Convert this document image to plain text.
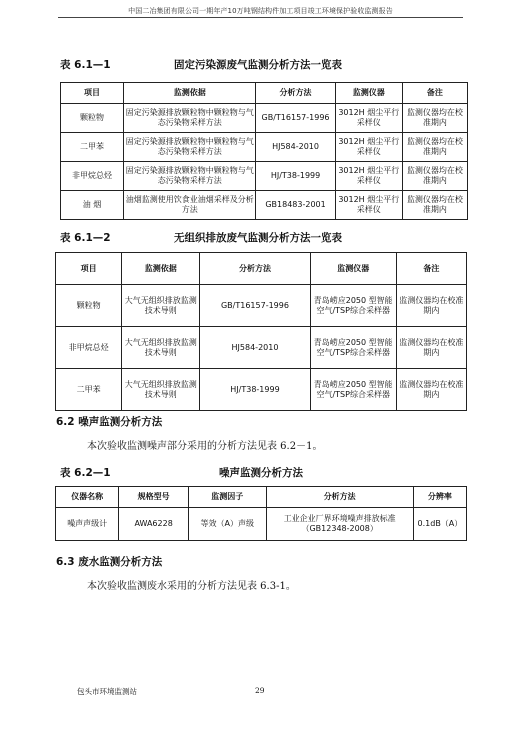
中国二冶集团有限公司一期年产10万吨钢结构件加工项目竣工环境保护验收监测报告
表 6.1—1	固定污染源废气监测分析方法一览表
项目	监测依据	分析方法	监测仪器	备注
颗粒物	固定污染源排放颗粒物中颗粒物与气态污染物采样方法	GB/T16157-1996	3012H 烟尘平行采样仪	监测仪器均在校准期内
二甲苯	固定污染源排放颗粒物中颗粒物与气态污染物采样方法	HJ584-2010	3012H 烟尘平行采样仪	监测仪器均在校准期内
非甲烷总烃	固定污染源排放颗粒物中颗粒物与气态污染物采样方法	HJ/T38-1999	3012H 烟尘平行采样仪	监测仪器均在校准期内
油 烟	油烟监测使用饮食业油烟采样及分析方法	GB18483-2001	3012H 烟尘平行采样仪	监测仪器均在校准期内
表 6.1—2	无组织排放废气监测分析方法一览表
项目	监测依据	分析方法	监测仪器	备注
颗粒物	大气无组织排放监测技术导则	GB/T16157-1996	青岛崂应2050 型智能空气/TSP综合采样器	监测仪器均在校准期内
非甲烷总烃	大气无组织排放监测技术导则	HJ584-2010	青岛崂应2050 型智能空气/TSP综合采样器	监测仪器均在校准期内
二甲苯	大气无组织排放监测技术导则	HJ/T38-1999	青岛崂应2050 型智能空气/TSP综合采样器	监测仪器均在校准期内
6.2 噪声监测分析方法
本次验收监测噪声部分采用的分析方法见表 6.2－1。
表 6.2—1	噪声监测分析方法
仪器名称	规格型号	监测因子	分析方法	分辨率
噪声声级计	AWA6228	等效（A）声级	工业企业厂界环境噪声排放标准（GB12348-2008）	0.1dB（A）
6.3 废水监测分析方法
本次验收监测废水采用的分析方法见表 6.3-1。
包头市环境监测站	29
